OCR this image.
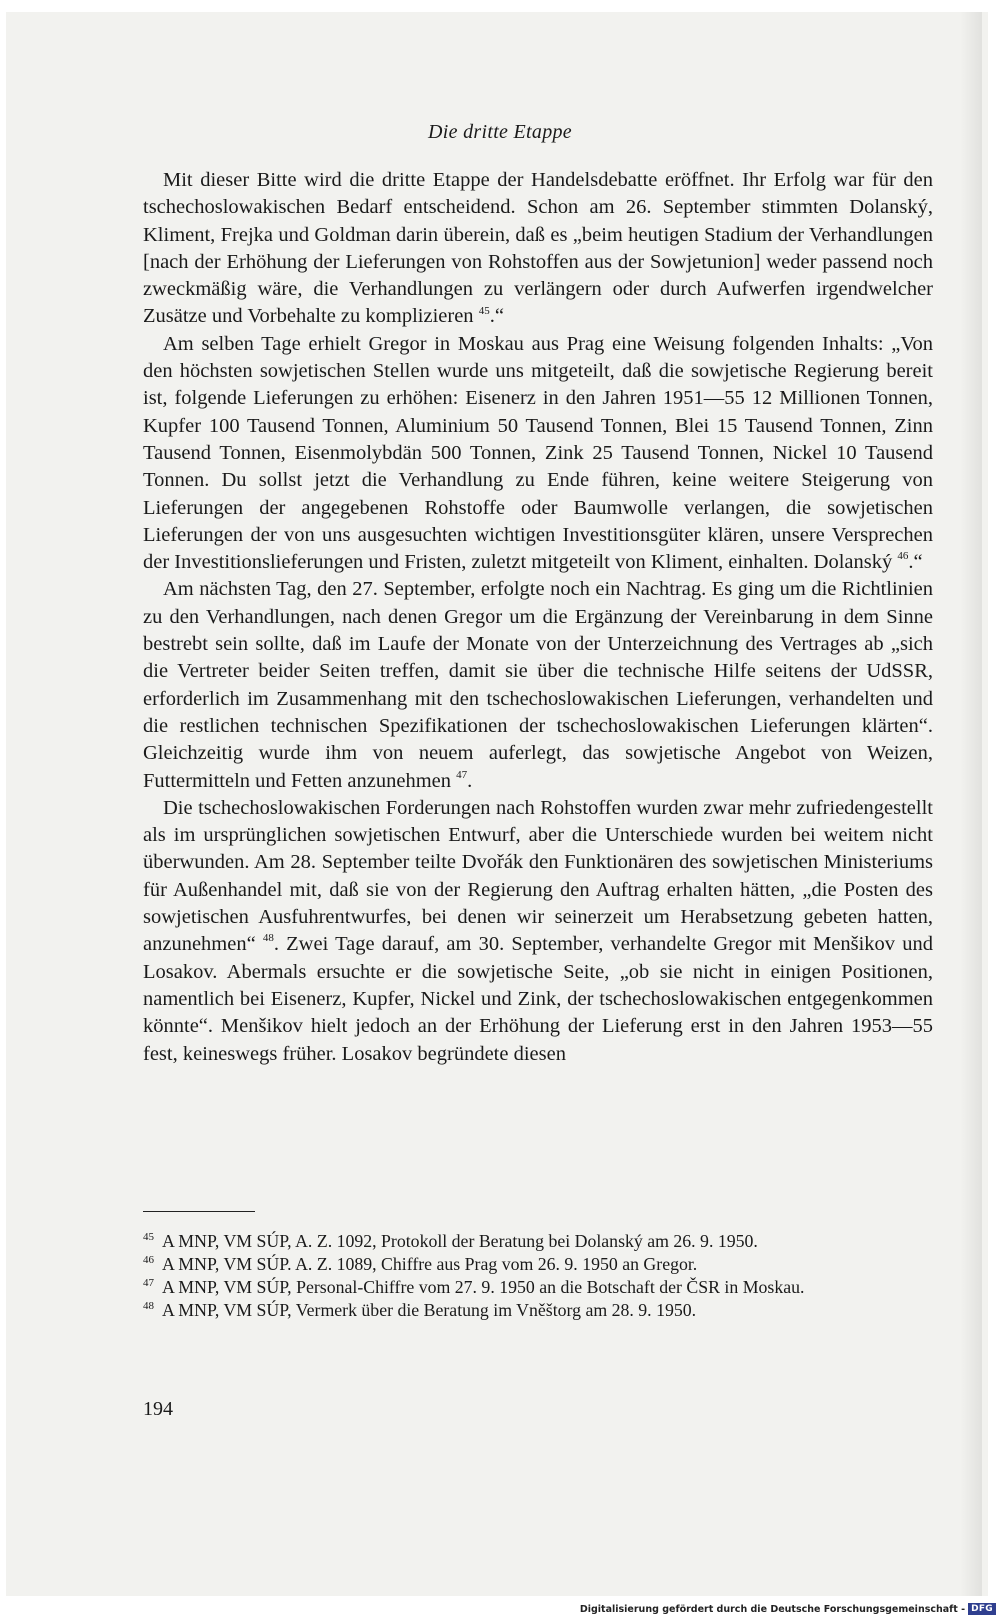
Die dritte Etappe

Mit dieser Bitte wird die dritte Etappe der Handelsdebatte eröffnet. Ihr Erfolg war für den tschechoslowakischen Bedarf entscheidend. Schon am 26. September stimmten Dolanský, Kliment, Frejka und Goldman darin überein, daß es „beim heutigen Stadium der Verhandlungen [nach der Erhöhung der Lieferungen von Rohstoffen aus der Sowjetunion] weder passend noch zweckmäßig wäre, die Verhandlungen zu verlängern oder durch Aufwerfen irgendwelcher Zusätze und Vorbehalte zu komplizieren $^{45}$.“

Am selben Tage erhielt Gregor in Moskau aus Prag eine Weisung folgenden Inhalts: „Von den höchsten sowjetischen Stellen wurde uns mitgeteilt, daß die sowjetische Regierung bereit ist, folgende Lieferungen zu erhöhen: Eisenerz in den Jahren 1951—55 12 Millionen Tonnen, Kupfer 100 Tausend Tonnen, Aluminium 50 Tausend Tonnen, Blei 15 Tausend Tonnen, Zinn Tausend Tonnen, Eisenmolybdän 500 Tonnen, Zink 25 Tausend Tonnen, Nickel 10 Tausend Tonnen. Du sollst jetzt die Verhandlung zu Ende führen, keine weitere Steigerung von Lieferungen der angegebenen Rohstoffe oder Baumwolle verlangen, die sowjetischen Lieferungen der von uns ausgesuchten wichtigen Investitionsgüter klären, unsere Versprechen der Investitionslieferungen und Fristen, zuletzt mitgeteilt von Kliment, einhalten. Dolanský $^{46}$.“

Am nächsten Tag, den 27. September, erfolgte noch ein Nachtrag. Es ging um die Richtlinien zu den Verhandlungen, nach denen Gregor um die Ergänzung der Vereinbarung in dem Sinne bestrebt sein sollte, daß im Laufe der Monate von der Unterzeichnung des Vertrages ab „sich die Vertreter beider Seiten treffen, damit sie über die technische Hilfe seitens der UdSSR, erforderlich im Zusammenhang mit den tschechoslowakischen Lieferungen, verhandelten und die restlichen technischen Spezifikationen der tschechoslowakischen Lieferungen klärten“. Gleichzeitig wurde ihm von neuem auferlegt, das sowjetische Angebot von Weizen, Futtermitteln und Fetten anzunehmen $^{47}$.

Die tschechoslowakischen Forderungen nach Rohstoffen wurden zwar mehr zufriedengestellt als im ursprünglichen sowjetischen Entwurf, aber die Unterschiede wurden bei weitem nicht überwunden. Am 28. September teilte Dvořák den Funktionären des sowjetischen Ministeriums für Außenhandel mit, daß sie von der Regierung den Auftrag erhalten hätten, „die Posten des sowjetischen Ausfuhrentwurfes, bei denen wir seinerzeit um Herabsetzung gebeten hatten, anzunehmen“ $^{48}$. Zwei Tage darauf, am 30. September, verhandelte Gregor mit Menšikov und Losakov. Abermals ersuchte er die sowjetische Seite, „ob sie nicht in einigen Positionen, namentlich bei Eisenerz, Kupfer, Nickel und Zink, der tschechoslowakischen entgegenkommen könnte“. Menšikov hielt jedoch an der Erhöhung der Lieferung erst in den Jahren 1953—55 fest, keineswegs früher. Losakov begründete diesen

$^{45}$ A MNP, VM SÚP, A. Z. 1092, Protokoll der Beratung bei Dolanský am 26. 9. 1950.

$^{46}$ A MNP, VM SÚP. A. Z. 1089, Chiffre aus Prag vom 26. 9. 1950 an Gregor.

$^{47}$ A MNP, VM SÚP, Personal-Chiffre vom 27. 9. 1950 an die Botschaft der ČSR in Moskau.

$^{48}$ A MNP, VM SÚP, Vermerk über die Beratung im Vněštorg am 28. 9. 1950.

194
Digitalisierung gefördert durch die Deutsche Forschungsgemeinschaft - DFG
